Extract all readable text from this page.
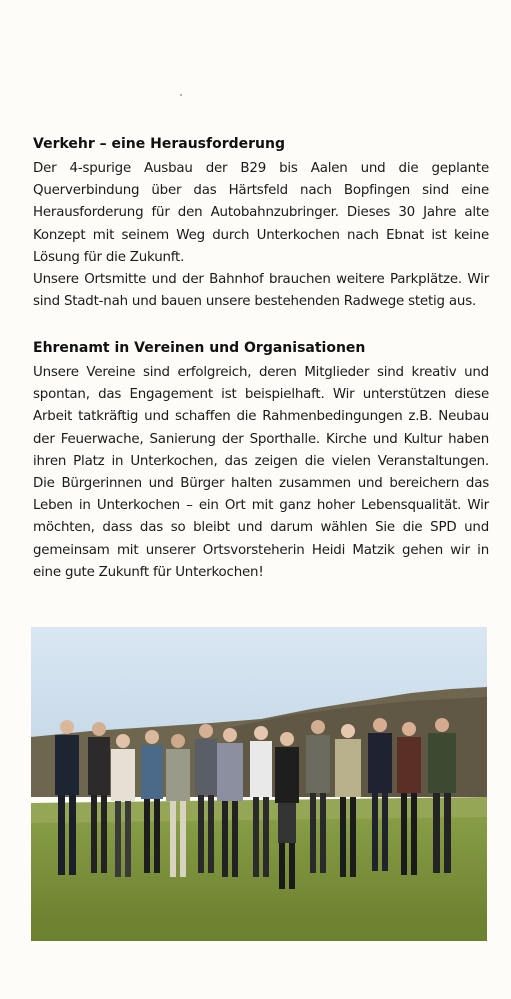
Verkehr – eine Herausforderung

Der 4-spurige Ausbau der B29 bis Aalen und die geplante Querverbindung über das Härtsfeld nach Bopfingen sind eine Herausforderung für den Autobahnzubringer. Dieses 30 Jahre alte Konzept mit seinem Weg durch Unterkochen nach Ebnat ist keine Lösung für die Zukunft.

Unsere Ortsmitte und der Bahnhof brauchen weitere Parkplätze. Wir sind Stadt-nah und bauen unsere bestehenden Radwege stetig aus.

Ehrenamt in Vereinen und Organisationen

Unsere Vereine sind erfolgreich, deren Mitglieder sind kreativ und spontan, das Engagement ist beispielhaft. Wir unterstützen diese Arbeit tatkräftig und schaffen die Rahmenbedingungen z.B. Neubau der Feuerwache, Sanierung der Sporthalle. Kirche und Kultur haben ihren Platz in Unterkochen, das zeigen die vielen Veranstaltungen. Die Bürgerinnen und Bürger halten zusammen und bereichern das Leben in Unterkochen – ein Ort mit ganz hoher Lebensqualität. Wir möchten, dass das so bleibt und darum wählen Sie die SPD und gemeinsam mit unserer Ortsvorsteherin Heidi Matzik gehen wir in eine gute Zukunft für Unterkochen!
